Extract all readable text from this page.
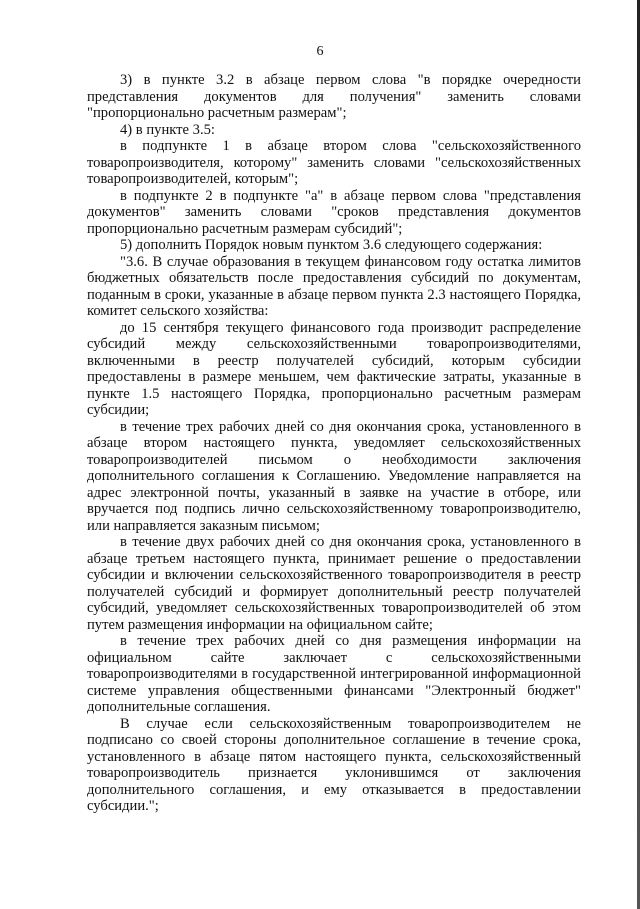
6

3) в пункте 3.2 в абзаце первом слова "в порядке очередности представления документов для получения" заменить словами "пропорционально расчетным размерам";

4) в пункте 3.5:

в подпункте 1 в абзаце втором слова "сельскохозяйственного товаропроизводителя, которому" заменить словами "сельскохозяйственных товаропроизводителей, которым";

в подпункте 2 в подпункте "а" в абзаце первом слова "представления документов" заменить словами "сроков представления документов пропорционально расчетным размерам субсидий";

5) дополнить Порядок новым пунктом 3.6 следующего содержания:

"3.6. В случае образования в текущем финансовом году остатка лимитов бюджетных обязательств после предоставления субсидий по документам, поданным в сроки, указанные в абзаце первом пункта 2.3 настоящего Порядка, комитет сельского хозяйства:

до 15 сентября текущего финансового года производит распределение субсидий между сельскохозяйственными товаропроизводителями, включенными в реестр получателей субсидий, которым субсидии предоставлены в размере меньшем, чем фактические затраты, указанные в пункте 1.5 настоящего Порядка, пропорционально расчетным размерам субсидии;

в течение трех рабочих дней со дня окончания срока, установленного в абзаце втором настоящего пункта, уведомляет сельскохозяйственных товаропроизводителей письмом о необходимости заключения дополнительного соглашения к Соглашению. Уведомление направляется на адрес электронной почты, указанный в заявке на участие в отборе, или вручается под подпись лично сельскохозяйственному товаропроизводителю, или направляется заказным письмом;

в течение двух рабочих дней со дня окончания срока, установленного в абзаце третьем настоящего пункта, принимает решение о предоставлении субсидии и включении сельскохозяйственного товаропроизводителя в реестр получателей субсидий и формирует дополнительный реестр получателей субсидий, уведомляет сельскохозяйственных товаропроизводителей об этом путем размещения информации на официальном сайте;

в течение трех рабочих дней со дня размещения информации на официальном сайте заключает с сельскохозяйственными товаропроизводителями в государственной интегрированной информационной системе управления общественными финансами "Электронный бюджет" дополнительные соглашения.

В случае если сельскохозяйственным товаропроизводителем не подписано со своей стороны дополнительное соглашение в течение срока, установленного в абзаце пятом настоящего пункта, сельскохозяйственный товаропроизводитель признается уклонившимся от заключения дополнительного соглашения, и ему отказывается в предоставлении субсидии.";
